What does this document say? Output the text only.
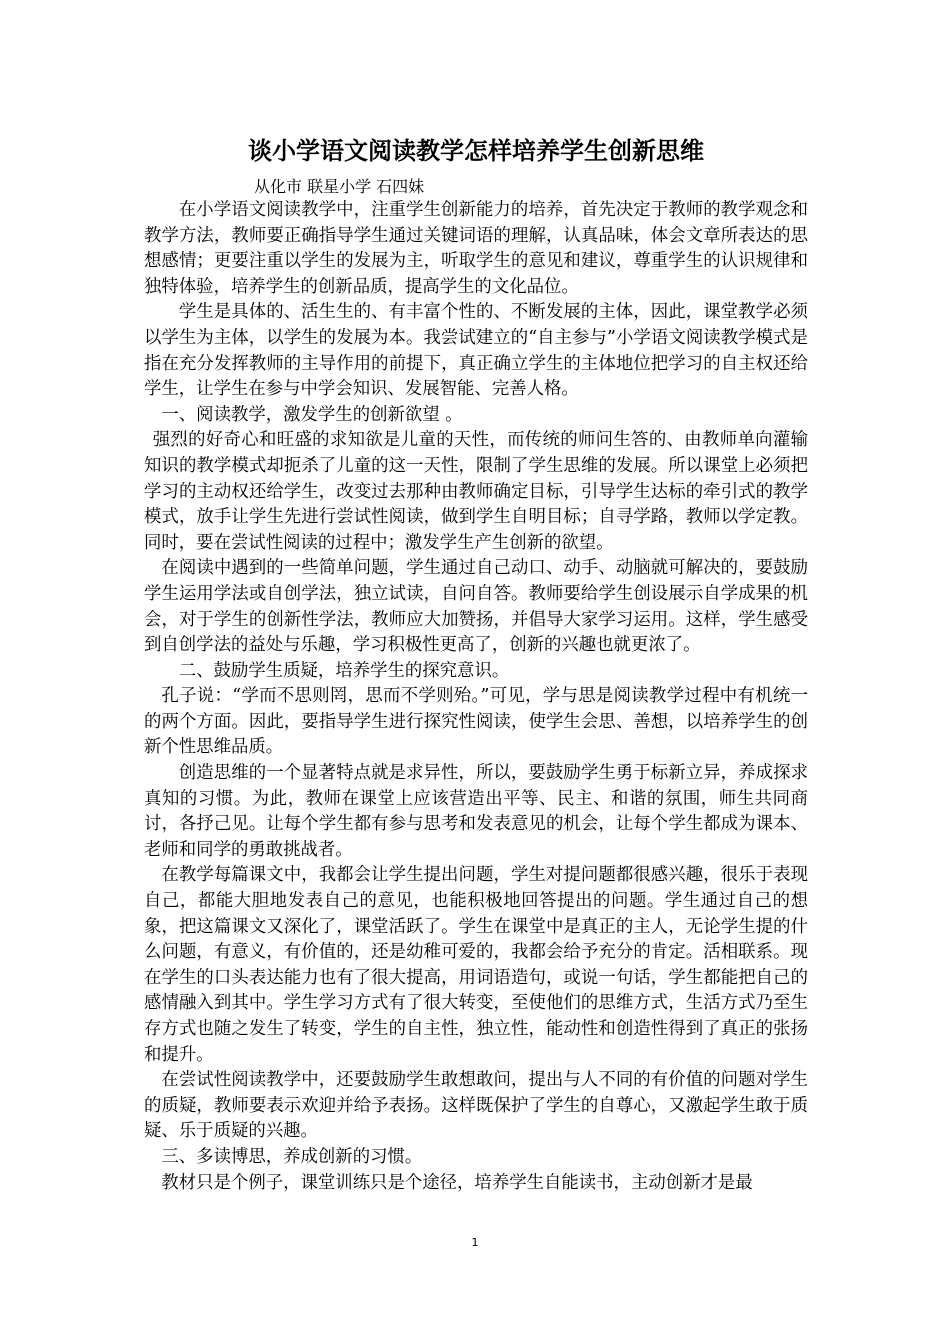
谈小学语文阅读教学怎样培养学生创新思维

从化市 联星小学 石四妹

在小学语文阅读教学中，注重学生创新能力的培养，首先决定于教师的教学观念和教学方法，教师要正确指导学生通过关键词语的理解，认真品味，体会文章所表达的思想感情；更要注重以学生的发展为主，听取学生的意见和建议，尊重学生的认识规律和独特体验，培养学生的创新品质，提高学生的文化品位。

学生是具体的、活生生的、有丰富个性的、不断发展的主体，因此，课堂教学必须以学生为主体，以学生的发展为本。我尝试建立的“自主参与”小学语文阅读教学模式是指在充分发挥教师的主导作用的前提下，真正确立学生的主体地位把学习的自主权还给学生，让学生在参与中学会知识、发展智能、完善人格。

一、阅读教学，激发学生的创新欲望 。

强烈的好奇心和旺盛的求知欲是儿童的天性，而传统的师问生答的、由教师单向灌输知识的教学模式却扼杀了儿童的这一天性，限制了学生思维的发展。所以课堂上必须把学习的主动权还给学生，改变过去那种由教师确定目标，引导学生达标的牵引式的教学模式，放手让学生先进行尝试性阅读，做到学生自明目标；自寻学路，教师以学定教。同时，要在尝试性阅读的过程中；激发学生产生创新的欲望。

在阅读中遇到的一些简单问题，学生通过自己动口、动手、动脑就可解决的，要鼓励学生运用学法或自创学法，独立试读，自问自答。教师要给学生创设展示自学成果的机会，对于学生的创新性学法，教师应大加赞扬，并倡导大家学习运用。这样，学生感受到自创学法的益处与乐趣，学习积极性更高了，创新的兴趣也就更浓了。

二、鼓励学生质疑，培养学生的探究意识。

孔子说：“学而不思则罔，思而不学则殆。”可见，学与思是阅读教学过程中有机统一的两个方面。因此，要指导学生进行探究性阅读，使学生会思、善想，以培养学生的创新个性思维品质。

创造思维的一个显著特点就是求异性，所以，要鼓励学生勇于标新立异，养成探求真知的习惯。为此，教师在课堂上应该营造出平等、民主、和谐的氛围，师生共同商讨，各抒己见。让每个学生都有参与思考和发表意见的机会，让每个学生都成为课本、老师和同学的勇敢挑战者。

在教学每篇课文中，我都会让学生提出问题，学生对提问题都很感兴趣，很乐于表现自己，都能大胆地发表自己的意见，也能积极地回答提出的问题。学生通过自己的想象，把这篇课文又深化了，课堂活跃了。学生在课堂中是真正的主人，无论学生提的什么问题，有意义，有价值的，还是幼稚可爱的，我都会给予充分的肯定。活相联系。现在学生的口头表达能力也有了很大提高，用词语造句，或说一句话，学生都能把自己的感情融入到其中。学生学习方式有了很大转变，至使他们的思维方式，生活方式乃至生存方式也随之发生了转变，学生的自主性，独立性，能动性和创造性得到了真正的张扬和提升。

在尝试性阅读教学中，还要鼓励学生敢想敢问，提出与人不同的有价值的问题对学生的质疑，教师要表示欢迎并给予表扬。这样既保护了学生的自尊心，又激起学生敢于质疑、乐于质疑的兴趣。

三、多读博思，养成创新的习惯。

教材只是个例子，课堂训练只是个途径，培养学生自能读书，主动创新才是最

1
